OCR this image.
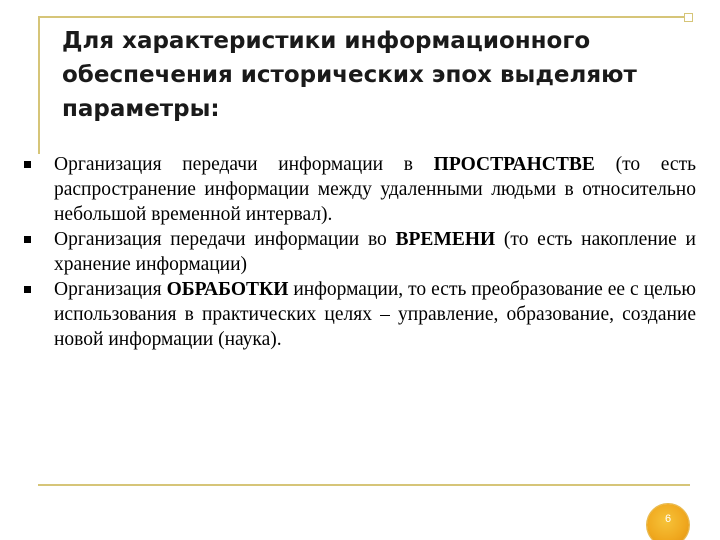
Для характеристики информационного
обеспечения исторических эпох выделяют
параметры:
Организация передачи информации в ПРОСТРАНСТВЕ (то есть распространение информации между удаленными людьми в относительно небольшой временной интервал).
Организация передачи информации во ВРЕМЕНИ (то есть накопление и хранение информации)
Организация ОБРАБОТКИ информации, то есть преобразование ее с целью использования в практических целях – управление, образование, создание новой информации (наука).
6
